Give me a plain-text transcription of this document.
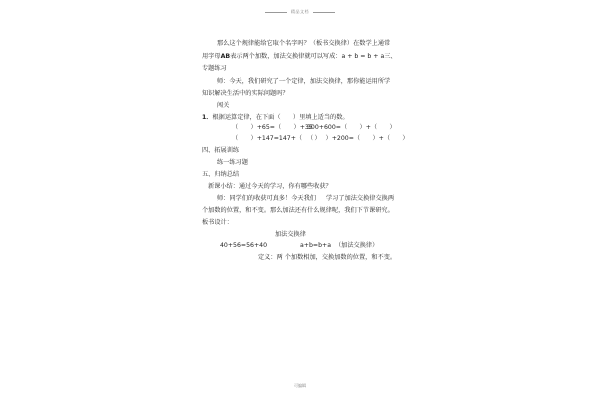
精品文档
那么这个规律能给它取个名字吗？（板书交换律）在数学上通常
用字母AB表示两个加数，加法交换律就可以写成：a + b = b + a三、
专题练习
师：今天，我们研究了一个定律，加法交换律，那你能运用所学
知识解决生活中的实际问题吗？
闯关
1．根据运算定律，在下面（　　）里填上适当的数。
（　　）+65=（　　）+35
300+600=（　　）+（　　）
（　　）+147=147+（　　）
（　　）+200=（　　）+（　　）
四、拓展训练
练一练习题
五、归纳总结
新课小结：通过今天的学习，你有哪些收获？
师：同学们的收获可真多！今天我们 学习了加法交换律交换两
个加数的位置，和不变。那么加法还有什么规律呢，我们下节课研究。
板书设计：
加法交换律
40+56=56+40	a+b=b+a （加法交换律）
定义：两 个加数相加，交换加数的位置，和不变。
可编辑
